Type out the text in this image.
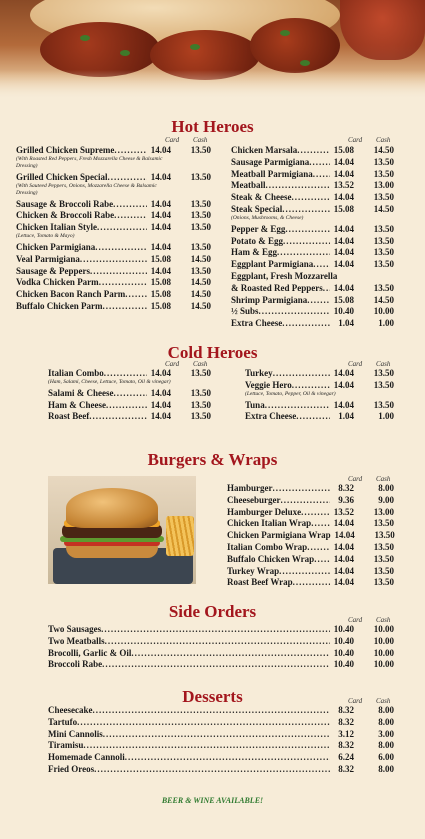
Hot Heroes
Cold Heroes
Burgers & Wraps
Side Orders
Desserts
Card Cash	Card Cash
Grilled Chicken Supreme .....	14.04	13.50
(With Roasted Red Peppers, Fresh Mozzarella Cheese & Balsamic Dressing)
Grilled Chicken Special .....	14.04	13.50
(With Sauteed Peppers, Onions, Mozzarella Cheese & Balsamic Dressing)
Sausage & Broccoli Rabe .....	14.04	13.50
Chicken & Broccoli Rabe .....	14.04	13.50
Chicken Italian Style .....	14.04	13.50
(Lettuce, Tomato & Mayo)
Chicken Parmigiana .....	14.04	13.50
Veal Parmigiana .....	15.08	14.50
Sausage & Peppers .....	14.04	13.50
Vodka Chicken Parm .....	15.08	14.50
Chicken Bacon Ranch Parm .....	15.08	14.50
Buffalo Chicken Parm .....	15.08	14.50
Chicken Marsala .....	15.08	14.50
Sausage Parmigiana .....	14.04	13.50
Meatball Parmigiana .....	14.04	13.50
Meatball .....	13.52	13.00
Steak & Cheese .....	14.04	13.50
Steak Special .....	15.08	14.50
(Onions, Mushrooms, & Cheese)
Pepper & Egg .....	14.04	13.50
Potato & Egg .....	14.04	13.50
Ham & Egg .....	14.04	13.50
Eggplant Parmigiana .....	14.04	13.50
Eggplant, Fresh Mozzarella
& Roasted Red Peppers .....	14.04	13.50
Shrimp Parmigiana .....	15.08	14.50
½ Subs .....	10.40	10.00
Extra Cheese .....	1.04	1.00
Card Cash	Card Cash
Italian Combo .....	14.04	13.50
(Ham, Salami, Cheese, Lettuce, Tomato, Oil & vinegar)
Salami & Cheese .....	14.04	13.50
Ham & Cheese .....	14.04	13.50
Roast Beef .....	14.04	13.50
Turkey .....	14.04	13.50
Veggie Hero .....	14.04	13.50
(Lettuce, Tomato, Pepper, Oil & vinegar)
Tuna .....	14.04	13.50
Extra Cheese .....	1.04	1.00
Card Cash
Hamburger .....	8.32	8.00
Cheeseburger .....	9.36	9.00
Hamburger Deluxe .....	13.52	13.00
Chicken Italian Wrap .....	14.04	13.50
Chicken Parmigiana Wrap 14.04	13.50
Italian Combo Wrap .....	14.04	13.50
Buffalo Chicken Wrap .....	14.04	13.50
Turkey Wrap .....	14.04	13.50
Roast Beef Wrap .....	14.04	13.50
Card Cash
Two Sausages .....	10.40	10.00
Two Meatballs .....	10.40	10.00
Brocolli, Garlic & Oil .....	10.40	10.00
Broccoli Rabe .....	10.40	10.00
Card Cash
Cheesecake .....	8.32	8.00
Tartufo .....	8.32	8.00
Mini Cannolis .....	3.12	3.00
Tiramisu .....	8.32	8.00
Homemade Cannoli .....	6.24	6.00
Fried Oreos .....	8.32	8.00
BEER & WINE AVAILABLE!
